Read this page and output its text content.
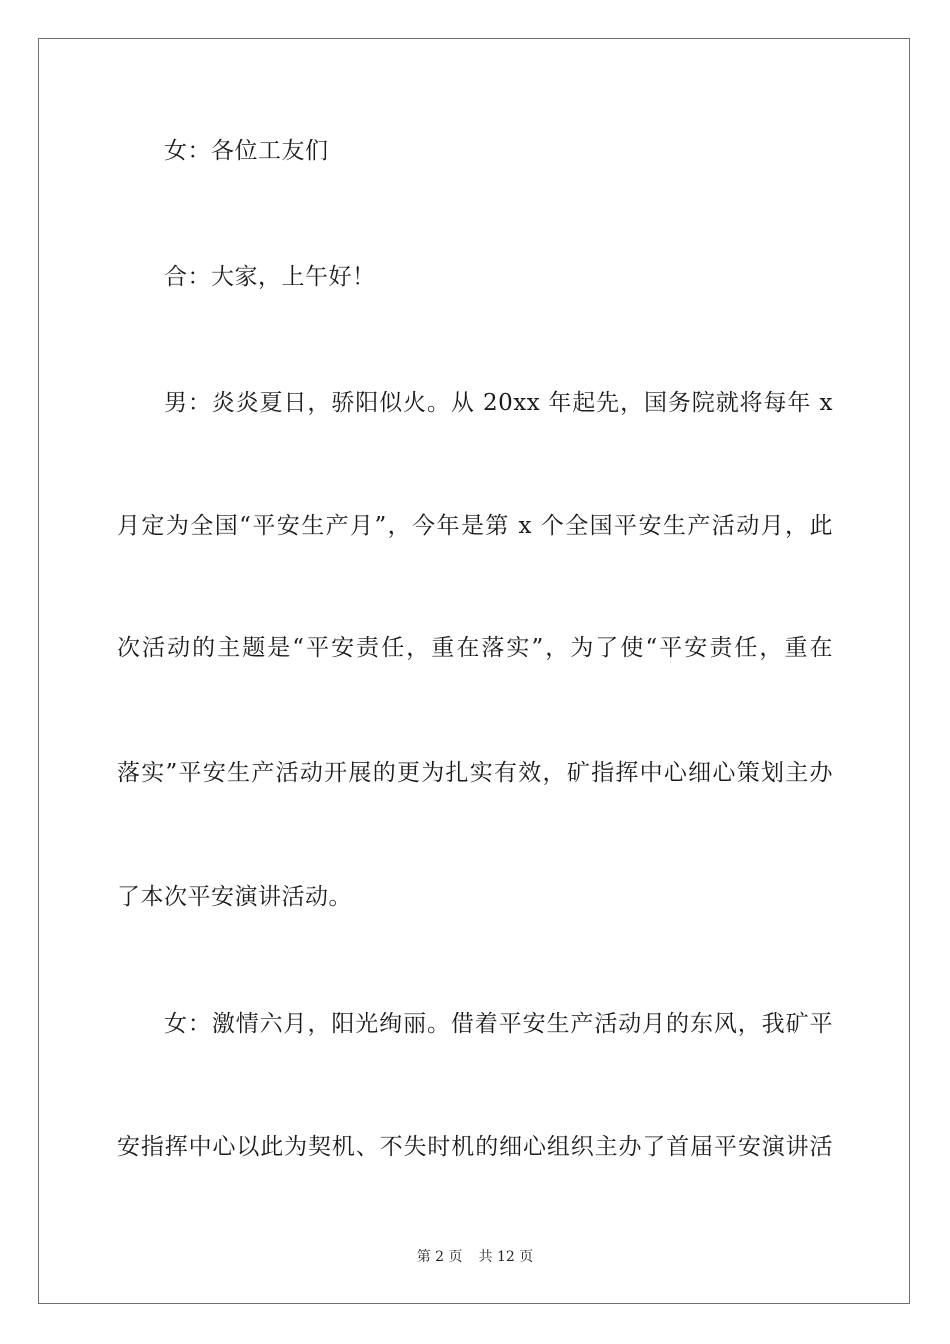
女：各位工友们
合：大家，上午好！
男：炎炎夏日，骄阳似火。从 20xx 年起先，国务院就将每年 x
月定为全国“平安生产月”，今年是第 x 个全国平安生产活动月，此
次活动的主题是“平安责任，重在落实”，为了使“平安责任，重在
落实”平安生产活动开展的更为扎实有效，矿指挥中心细心策划主办
了本次平安演讲活动。
女：激情六月，阳光绚丽。借着平安生产活动月的东风，我矿平
安指挥中心以此为契机、不失时机的细心组织主办了首届平安演讲活
第 2 页 共 12 页
